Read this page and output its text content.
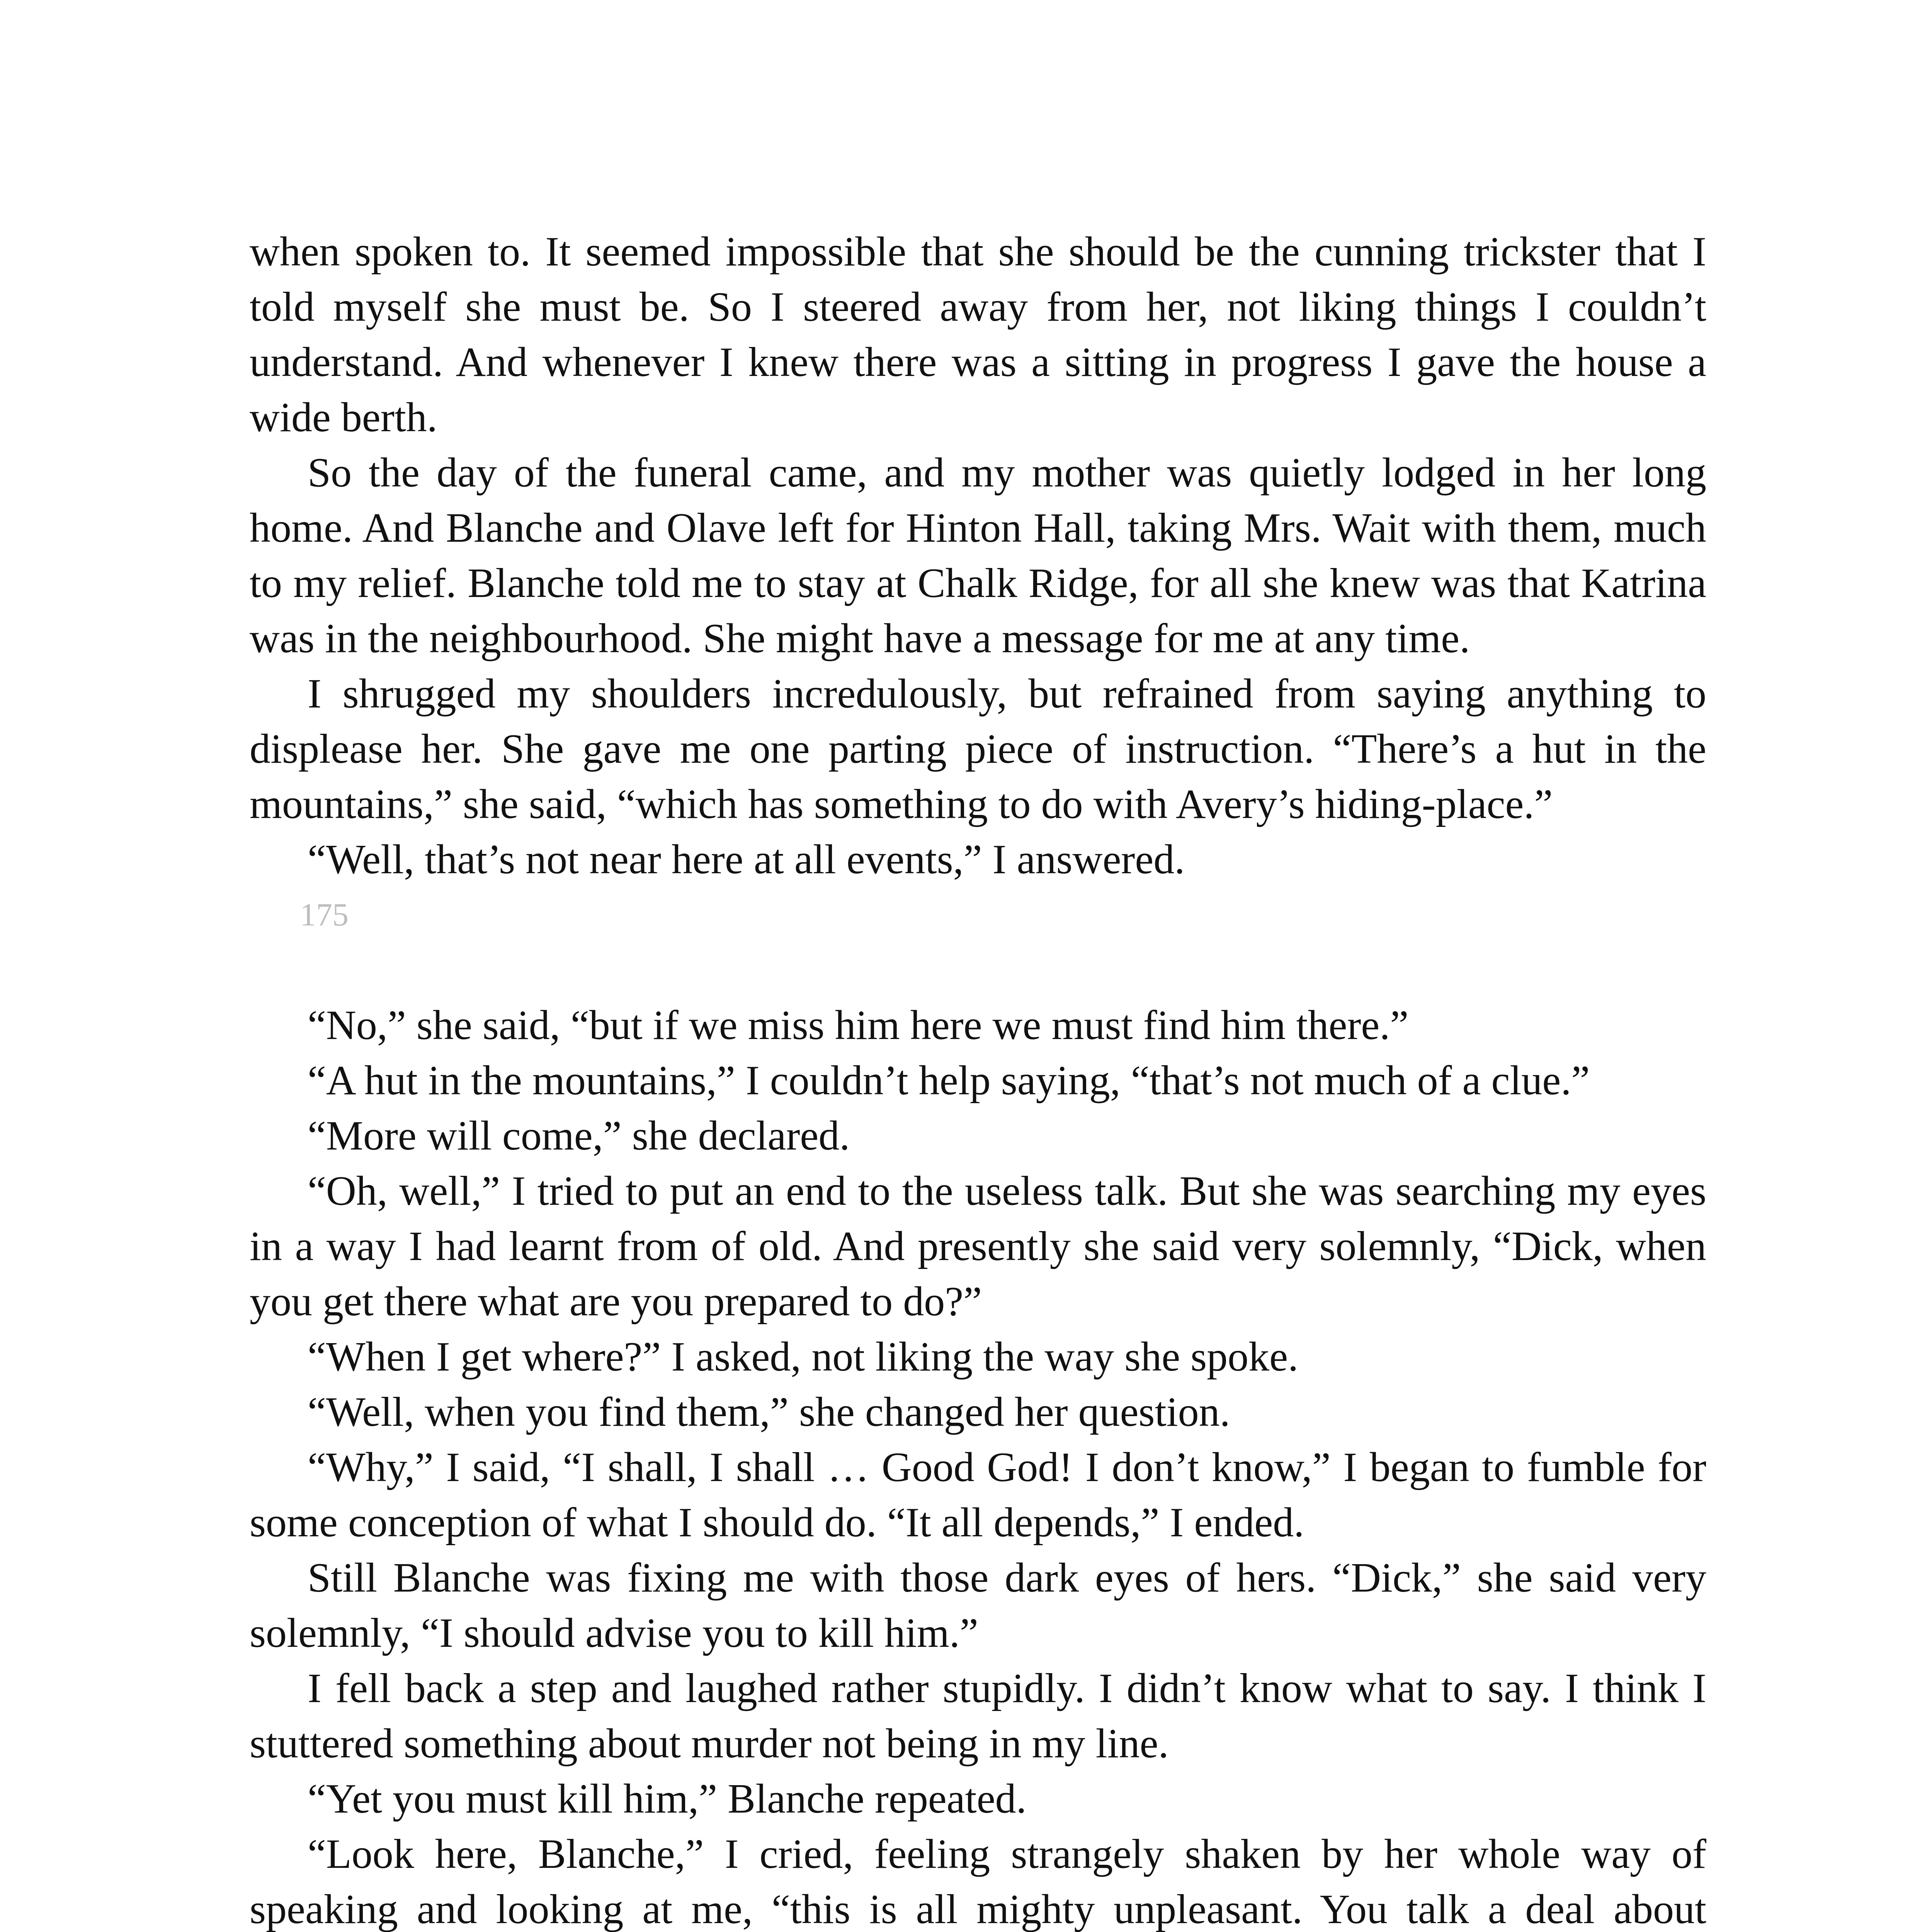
when spoken to. It seemed impossible that she should be the cunning trickster that I told myself she must be. So I steered away from her, not liking things I couldn’t understand. And whenever I knew there was a sitting in progress I gave the house a wide berth.

So the day of the funeral came, and my mother was quietly lodged in her long home. And Blanche and Olave left for Hinton Hall, taking Mrs. Wait with them, much to my relief. Blanche told me to stay at Chalk Ridge, for all she knew was that Katrina was in the neighbourhood. She might have a message for me at any time.

I shrugged my shoulders incredulously, but refrained from saying anything to displease her. She gave me one parting piece of instruction. “There’s a hut in the mountains,” she said, “which has something to do with Avery’s hiding-place.”

“Well, that’s not near here at all events,” I answered.

175

“No,” she said, “but if we miss him here we must find him there.”

“A hut in the mountains,” I couldn’t help saying, “that’s not much of a clue.”

“More will come,” she declared.

“Oh, well,” I tried to put an end to the useless talk. But she was searching my eyes in a way I had learnt from of old. And presently she said very solemnly, “Dick, when you get there what are you prepared to do?”

“When I get where?” I asked, not liking the way she spoke.

“Well, when you find them,” she changed her question.

“Why,” I said, “I shall, I shall … Good God! I don’t know,” I began to fumble for some conception of what I should do. “It all depends,” I ended.

Still Blanche was fixing me with those dark eyes of hers. “Dick,” she said very solemnly, “I should advise you to kill him.”

I fell back a step and laughed rather stupidly. I didn’t know what to say. I think I stuttered something about murder not being in my line.

“Yet you must kill him,” Blanche repeated.

“Look here, Blanche,” I cried, feeling strangely shaken by her whole way of speaking and looking at me, “this is all mighty unpleasant. You talk a deal about
